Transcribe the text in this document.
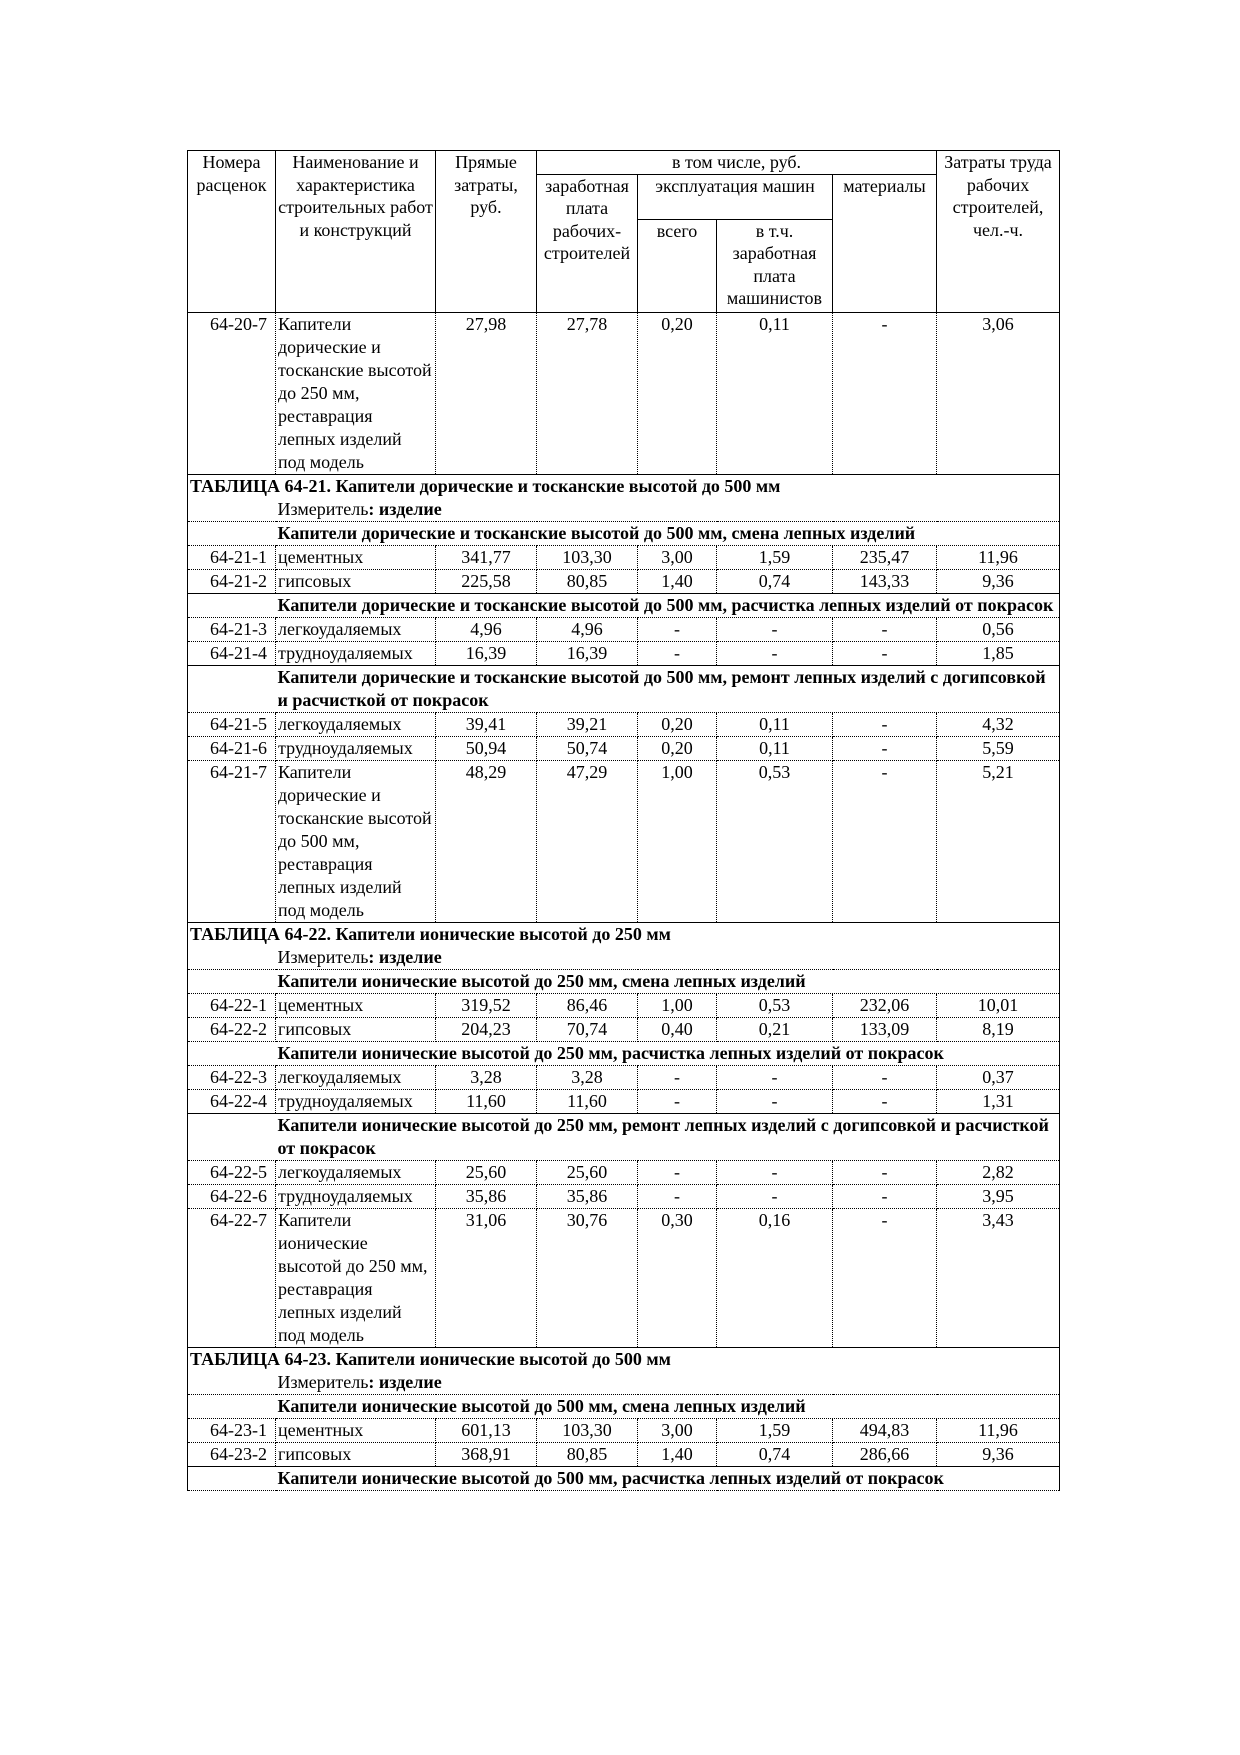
Номера расценок	Наименование и характеристика строительных работ и конструкций	Прямые затраты, руб.	в том числе, руб.				Затраты труда рабочих строителей, чел.-ч.
			заработная плата рабочих-строителей	эксплуатация машин		материалы	
				всего	в т.ч. заработная плата машинистов		
64-20-7	Капители дорические и тосканские высотой до 250 мм, реставрация лепных изделий под модель	27,98	27,78	0,20	0,11	-	3,06
ТАБЛИЦА 64-21. Капители дорические и тосканские высотой до 500 мм							
	Измеритель: изделие						
	Капители дорические и тосканские высотой до 500 мм, смена лепных изделий						
64-21-1	цементных	341,77	103,30	3,00	1,59	235,47	11,96
64-21-2	гипсовых	225,58	80,85	1,40	0,74	143,33	9,36
	Капители дорические и тосканские высотой до 500 мм, расчистка лепных изделий от покрасок						
64-21-3	легкоудаляемых	4,96	4,96	-	-	-	0,56
64-21-4	трудноудаляемых	16,39	16,39	-	-	-	1,85
	Капители дорические и тосканские высотой до 500 мм, ремонт лепных изделий с догипсовкой и расчисткой от покрасок						
64-21-5	легкоудаляемых	39,41	39,21	0,20	0,11	-	4,32
64-21-6	трудноудаляемых	50,94	50,74	0,20	0,11	-	5,59
64-21-7	Капители дорические и тосканские высотой до 500 мм, реставрация лепных изделий под модель	48,29	47,29	1,00	0,53	-	5,21
ТАБЛИЦА 64-22. Капители ионические высотой до 250 мм							
	Измеритель: изделие						
	Капители ионические высотой до 250 мм, смена лепных изделий						
64-22-1	цементных	319,52	86,46	1,00	0,53	232,06	10,01
64-22-2	гипсовых	204,23	70,74	0,40	0,21	133,09	8,19
	Капители ионические высотой до 250 мм, расчистка лепных изделий от покрасок						
64-22-3	легкоудаляемых	3,28	3,28	-	-	-	0,37
64-22-4	трудноудаляемых	11,60	11,60	-	-	-	1,31
	Капители ионические высотой до 250 мм, ремонт лепных изделий с догипсовкой и расчисткой от покрасок						
64-22-5	легкоудаляемых	25,60	25,60	-	-	-	2,82
64-22-6	трудноудаляемых	35,86	35,86	-	-	-	3,95
64-22-7	Капители ионические высотой до 250 мм, реставрация лепных изделий под модель	31,06	30,76	0,30	0,16	-	3,43
ТАБЛИЦА 64-23. Капители ионические высотой до 500 мм							
	Измеритель: изделие						
	Капители ионические высотой до 500 мм, смена лепных изделий						
64-23-1	цементных	601,13	103,30	3,00	1,59	494,83	11,96
64-23-2	гипсовых	368,91	80,85	1,40	0,74	286,66	9,36
	Капители ионические высотой до 500 мм, расчистка лепных изделий от покрасок						
